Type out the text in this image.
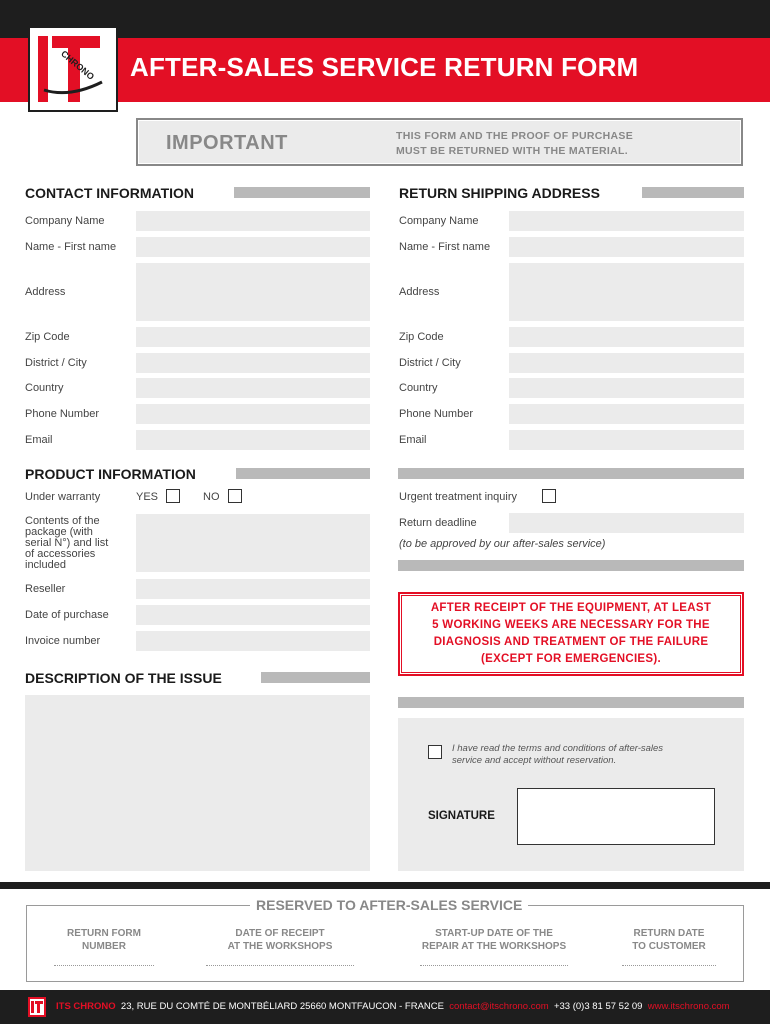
CHRONO AFTER-SALES SERVICE RETURN FORM
IMPORTANT	THIS FORM AND THE PROOF OF PURCHASE
MUST BE RETURNED WITH THE MATERIAL.
CONTACT INFORMATION
Company Name
Name - First name
Address
Zip Code
District / City
Country
Phone Number
Email
RETURN SHIPPING ADDRESS
Company Name
Name - First name
Address
Zip Code
District / City
Country
Phone Number
Email
PRODUCT INFORMATION
Under warranty	YES	NO
Contents of the
package (with
serial N°) and list
of accessories
included
Reseller
Date of purchase
Invoice number
Urgent treatment inquiry
Return deadline
(to be approved by our after-sales service)
AFTER RECEIPT OF THE EQUIPMENT, AT LEAST
5 WORKING WEEKS ARE NECESSARY FOR THE
DIAGNOSIS AND TREATMENT OF THE FAILURE
(EXCEPT FOR EMERGENCIES).
DESCRIPTION OF THE ISSUE
I have read the terms and conditions of after-sales
service and accept without reservation.
SIGNATURE
RESERVED TO AFTER-SALES SERVICE
RETURN FORM
NUMBER
DATE OF RECEIPT
AT THE WORKSHOPS
START-UP DATE OF THE
REPAIR AT THE WORKSHOPS
RETURN DATE
TO CUSTOMER
ITS CHRONO 23, RUE DU COMTÉ DE MONTBÉLIARD 25660 MONTFAUCON - FRANCE contact@itschrono.com +33 (0)3 81 57 52 09 www.itschrono.com
